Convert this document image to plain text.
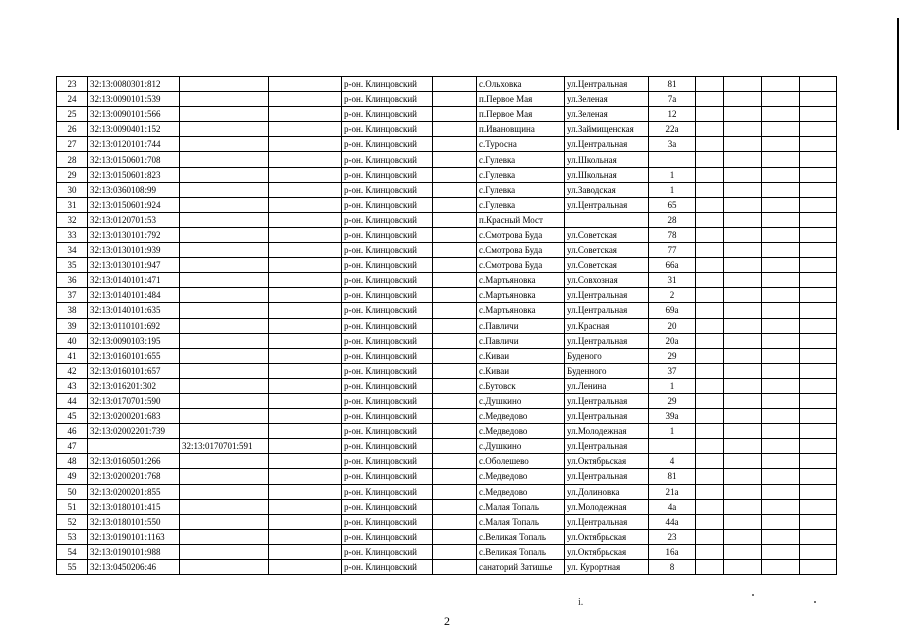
23	32:13:0080301:812			р-он. Клинцовский		с.Ольховка	ул.Центральная	81				
24	32:13:0090101:539			р-он. Клинцовский		п.Первое Мая	ул.Зеленая	7а				
25	32:13:0090101:566			р-он. Клинцовский		п.Первое Мая	ул.Зеленая	12				
26	32:13:0090401:152			р-он. Клинцовский		п.Ивановщина	ул.Займищенская	22а				
27	32:13:0120101:744			р-он. Клинцовский		с.Туросна	ул.Центральная	3а				
28	32:13:0150601:708			р-он. Клинцовский		с.Гулевка	ул.Школьная					
29	32:13:0150601:823			р-он. Клинцовский		с.Гулевка	ул.Школьная	1				
30	32:13:0360108:99			р-он. Клинцовский		с.Гулевка	ул.Заводская	1				
31	32:13:0150601:924			р-он. Клинцовский		с.Гулевка	ул.Центральная	65				
32	32:13:0120701:53			р-он. Клинцовский		п.Красный Мост		28				
33	32:13:0130101:792			р-он. Клинцовский		с.Смотрова Буда	ул.Советская	78				
34	32:13:0130101:939			р-он. Клинцовский		с.Смотрова Буда	ул.Советская	77				
35	32:13:0130101:947			р-он. Клинцовский		с.Смотрова Буда	ул.Советская	66а				
36	32:13:0140101:471			р-он. Клинцовский		с.Мартьяновка	ул.Совхозная	31				
37	32:13:0140101:484			р-он. Клинцовский		с.Мартьяновка	ул.Центральная	2				
38	32:13:0140101:635			р-он. Клинцовский		с.Мартьяновка	ул.Центральная	69а				
39	32:13:0110101:692			р-он. Клинцовский		с.Павличи	ул.Красная	20				
40	32:13:0090103:195			р-он. Клинцовский		с.Павличи	ул.Центральная	20а				
41	32:13:0160101:655			р-он. Клинцовский		с.Киваи	Буденого	29				
42	32:13:0160101:657			р-он. Клинцовский		с.Киваи	Буденного	37				
43	32:13:016201:302			р-он. Клинцовский		с.Бутовск	ул.Ленина	1				
44	32:13:0170701:590			р-он. Клинцовский		с.Душкино	ул.Центральная	29				
45	32:13:0200201:683			р-он. Клинцовский		с.Медведово	ул.Центральная	39а				
46	32:13:02002201:739			р-он. Клинцовский		с.Медведово	ул.Молодежная	1				
47		32:13:0170701:591		р-он. Клинцовский		с.Душкино	ул.Центральная					
48	32:13:0160501:266			р-он. Клинцовский		с.Оболешево	ул.Октябрьская	4				
49	32:13:0200201:768			р-он. Клинцовский		с.Медведово	ул.Центральная	81				
50	32:13:0200201:855			р-он. Клинцовский		с.Медведово	ул.Долиновка	21а				
51	32:13:0180101:415			р-он. Клинцовский		с.Малая Топаль	ул.Молодежная	4а				
52	32:13:0180101:550			р-он. Клинцовский		с.Малая Топаль	ул.Центральная	44а				
53	32:13:0190101:1163			р-он. Клинцовский		с.Великая Топаль	ул.Октябрьская	23				
54	32:13:0190101:988			р-он. Клинцовский		с.Великая Топаль	ул.Октябрьская	16а				
55	32:13:0450206:46			р-он. Клинцовский		санаторий Затишье	ул. Курортная	8				
і.
2
